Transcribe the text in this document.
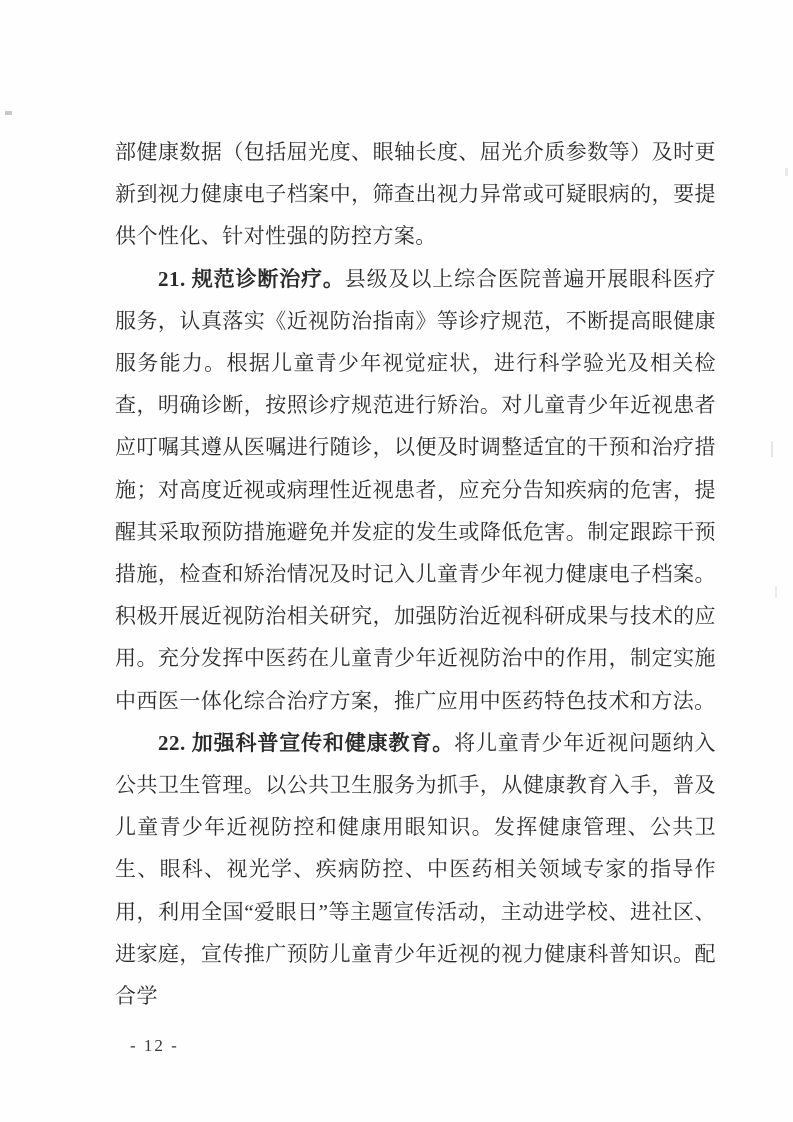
部健康数据（包括屈光度、眼轴长度、屈光介质参数等）及时更新到视力健康电子档案中，筛查出视力异常或可疑眼病的，要提供个性化、针对性强的防控方案。

21. 规范诊断治疗。县级及以上综合医院普遍开展眼科医疗服务，认真落实《近视防治指南》等诊疗规范，不断提高眼健康服务能力。根据儿童青少年视觉症状，进行科学验光及相关检查，明确诊断，按照诊疗规范进行矫治。对儿童青少年近视患者应叮嘱其遵从医嘱进行随诊，以便及时调整适宜的干预和治疗措施；对高度近视或病理性近视患者，应充分告知疾病的危害，提醒其采取预防措施避免并发症的发生或降低危害。制定跟踪干预措施，检查和矫治情况及时记入儿童青少年视力健康电子档案。积极开展近视防治相关研究，加强防治近视科研成果与技术的应用。充分发挥中医药在儿童青少年近视防治中的作用，制定实施中西医一体化综合治疗方案，推广应用中医药特色技术和方法。

22. 加强科普宣传和健康教育。将儿童青少年近视问题纳入公共卫生管理。以公共卫生服务为抓手，从健康教育入手，普及儿童青少年近视防控和健康用眼知识。发挥健康管理、公共卫生、眼科、视光学、疾病防控、中医药相关领域专家的指导作用，利用全国“爱眼日”等主题宣传活动，主动进学校、进社区、进家庭，宣传推广预防儿童青少年近视的视力健康科普知识。配合学

- 12 -
